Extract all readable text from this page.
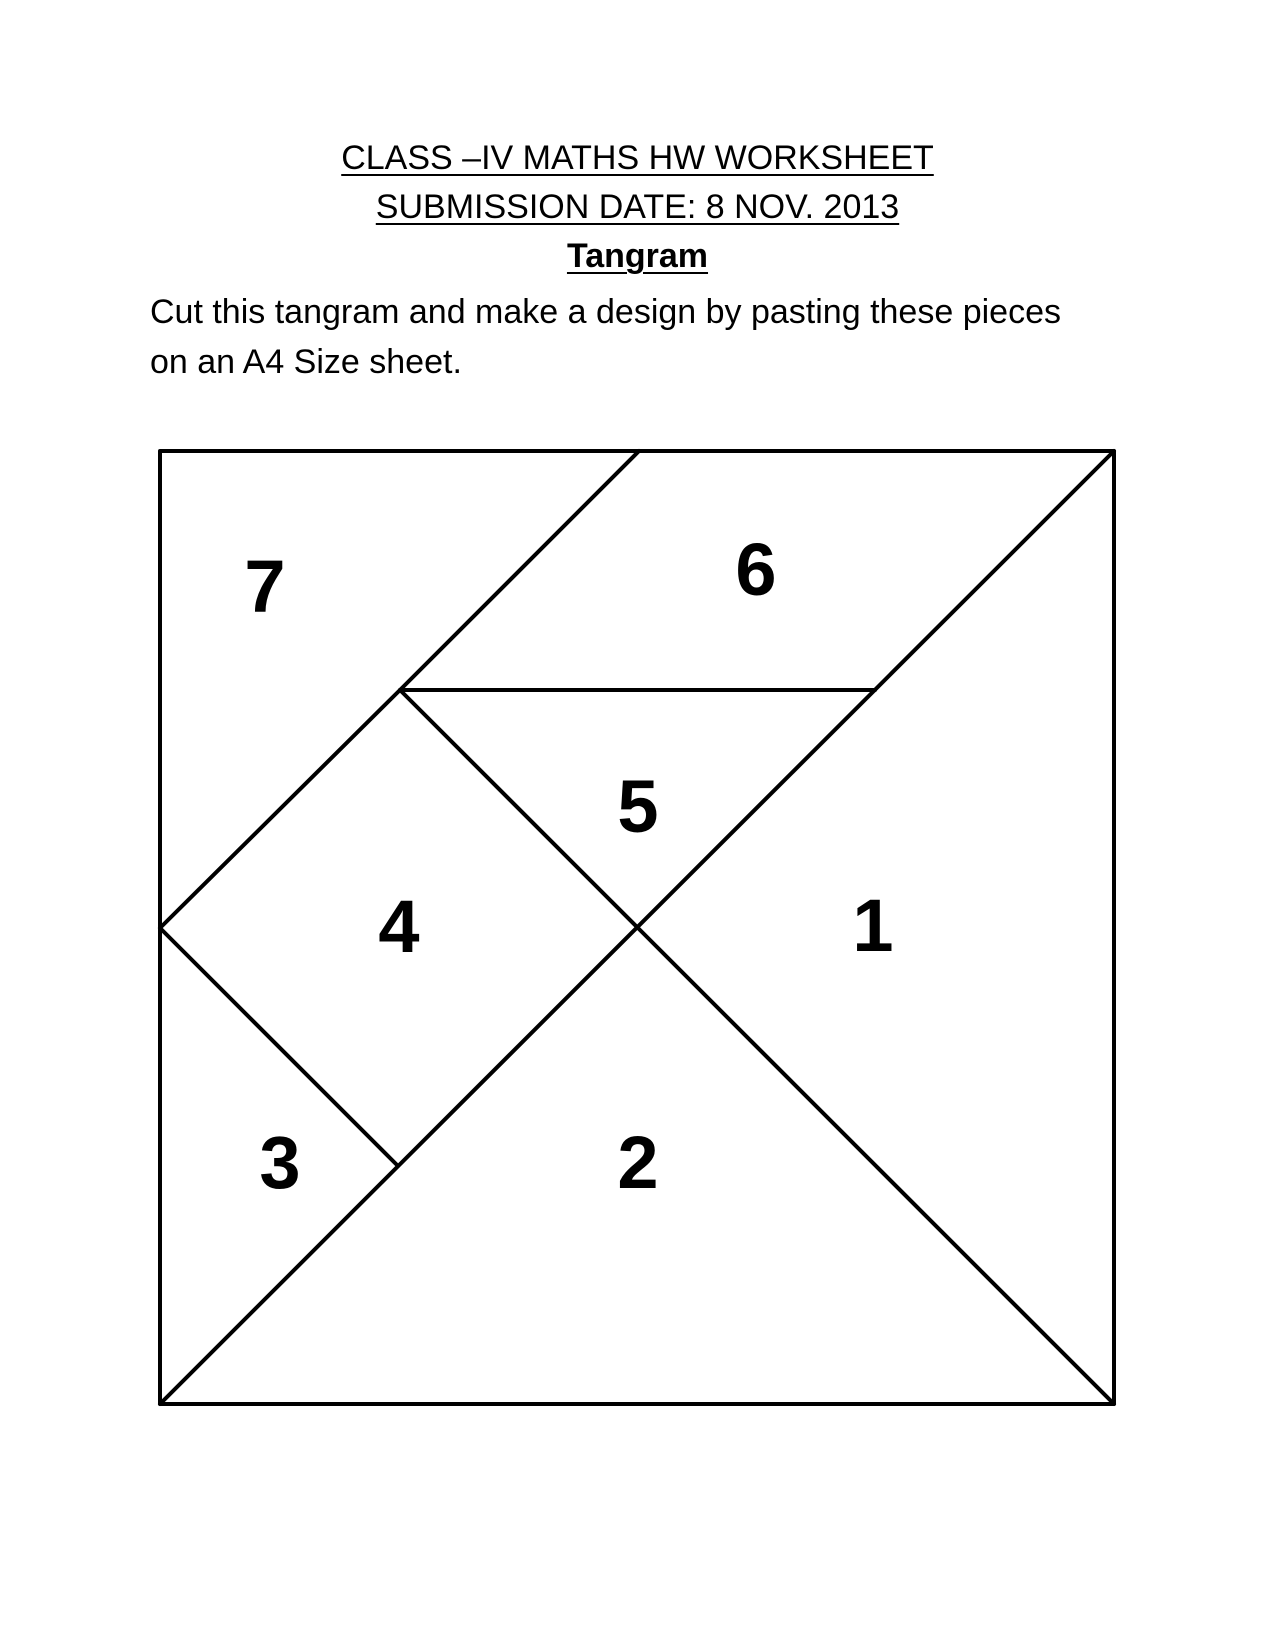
CLASS –IV MATHS HW WORKSHEET
SUBMISSION DATE: 8 NOV. 2013
Tangram
Cut this tangram and make a design by pasting these pieces on an A4 Size sheet.
1
2
3
4
5
6
7
